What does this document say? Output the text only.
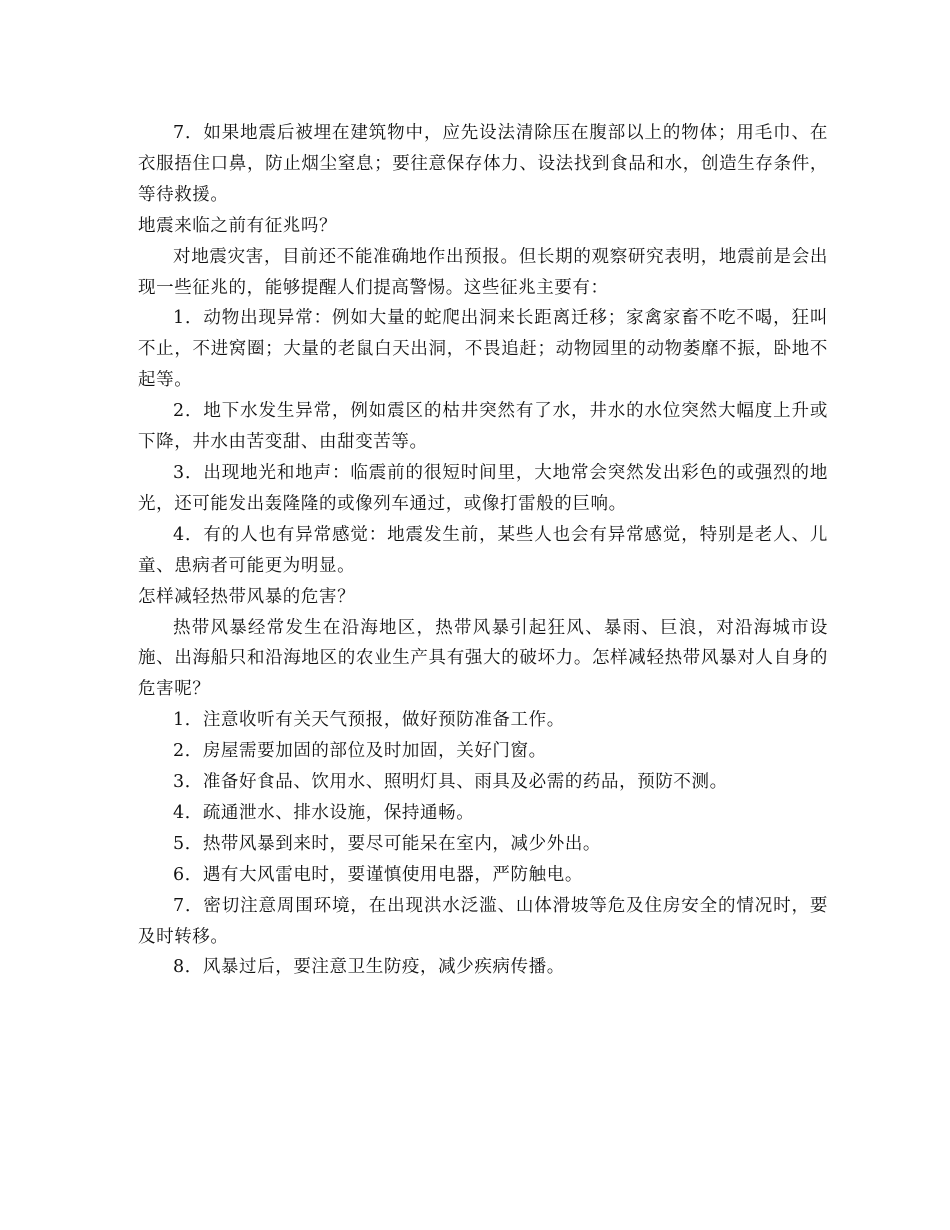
7．如果地震后被埋在建筑物中，应先设法清除压在腹部以上的物体；用毛巾、在衣服捂住口鼻，防止烟尘窒息；要往意保存体力、设法找到食品和水，创造生存条件，等待救援。

地震来临之前有征兆吗？

对地震灾害，目前还不能准确地作出预报。但长期的观察研究表明，地震前是会出现一些征兆的，能够提醒人们提高警惕。这些征兆主要有：

1．动物出现异常：例如大量的蛇爬出洞来长距离迁移；家禽家畜不吃不喝，狂叫不止，不进窝圈；大量的老鼠白天出洞，不畏追赶；动物园里的动物萎靡不振，卧地不起等。

2．地下水发生异常，例如震区的枯井突然有了水，井水的水位突然大幅度上升或下降，井水由苦变甜、由甜变苦等。

3．出现地光和地声：临震前的很短时间里，大地常会突然发出彩色的或强烈的地光，还可能发出轰隆隆的或像列车通过，或像打雷般的巨响。

4．有的人也有异常感觉：地震发生前，某些人也会有异常感觉，特别是老人、儿童、患病者可能更为明显。

怎样减轻热带风暴的危害？

热带风暴经常发生在沿海地区，热带风暴引起狂风、暴雨、巨浪，对沿海城市设施、出海船只和沿海地区的农业生产具有强大的破坏力。怎样减轻热带风暴对人自身的危害呢？

1．注意收听有关天气预报，做好预防准备工作。

2．房屋需要加固的部位及时加固，关好门窗。

3．准备好食品、饮用水、照明灯具、雨具及必需的药品，预防不测。

4．疏通泄水、排水设施，保持通畅。

5．热带风暴到来时，要尽可能呆在室内，减少外出。

6．遇有大风雷电时，要谨慎使用电器，严防触电。

7．密切注意周围环境，在出现洪水泛滥、山体滑坡等危及住房安全的情况时，要及时转移。

8．风暴过后，要注意卫生防疫，减少疾病传播。
